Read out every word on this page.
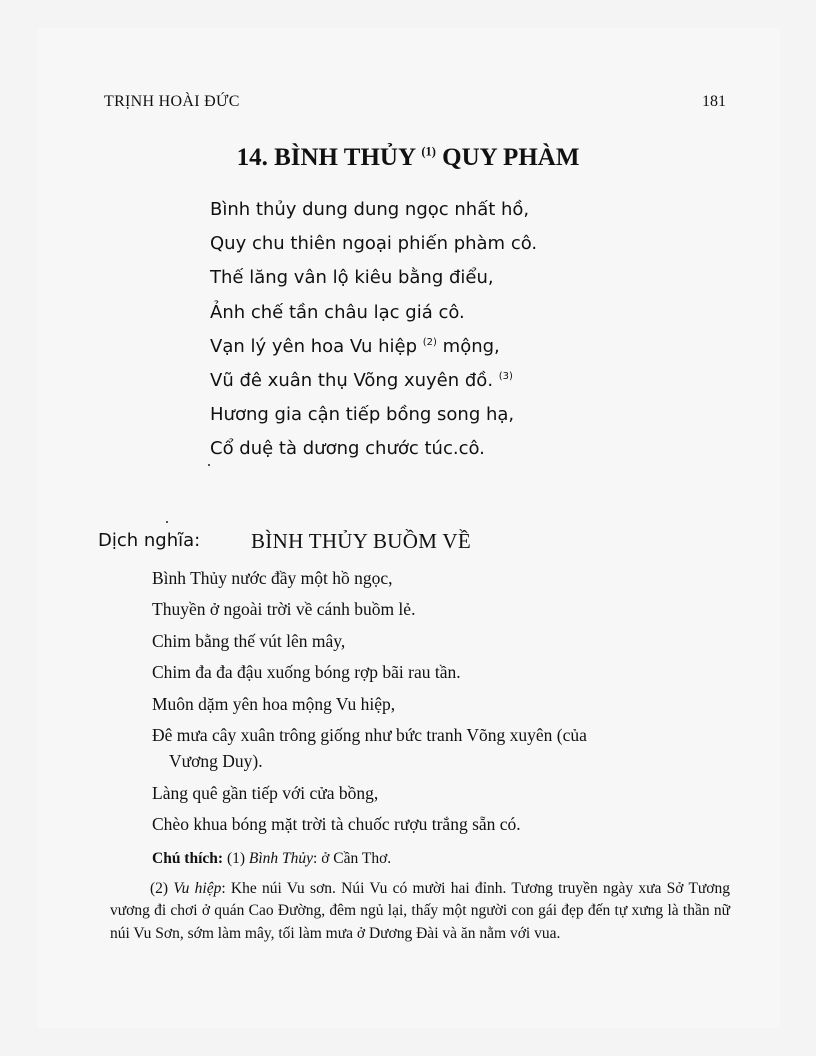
TRỊNH HOÀI ĐỨC	181
14. BÌNH THỦY $^{(1)}$ QUY PHÀM
Bình thủy dung dung ngọc nhất hồ,
Quy chu thiên ngoại phiến phàm cô.
Thế lăng vân lộ kiêu bằng điểu,
Ảnh chế tần châu lạc giá cô.
Vạn lý yên hoa Vu hiệp $^{(2)}$ mộng,
Vũ đê xuân thụ Võng xuyên đồ. $^{(3)}$
Hương gia cận tiếp bồng song hạ,
Cổ duệ tà dương chước túc.cô.
Dịch nghĩa: BÌNH THỦY BUỒM VỀ
Bình Thủy nước đầy một hồ ngọc,
Thuyền ở ngoài trời về cánh buồm lẻ.
Chim bằng thế vút lên mây,
Chim đa đa đậu xuống bóng rợp bãi rau tần.
Muôn dặm yên hoa mộng Vu hiệp,
Đê mưa cây xuân trông giống như bức tranh Võng xuyên (của
Vương Duy).
Làng quê gần tiếp với cửa bồng,
Chèo khua bóng mặt trời tà chuốc rượu trắng sẵn có.
Chú thích: (1) Bình Thủy: ở Cần Thơ.
(2) Vu hiệp: Khe núi Vu sơn. Núi Vu có mười hai đỉnh. Tương truyền ngày xưa Sở Tương vương đi chơi ở quán Cao Đường, đêm ngủ lại, thấy một người con gái đẹp đến tự xưng là thần nữ núi Vu Sơn, sớm làm mây, tối làm mưa ở Dương Đài và ăn nằm với vua.
